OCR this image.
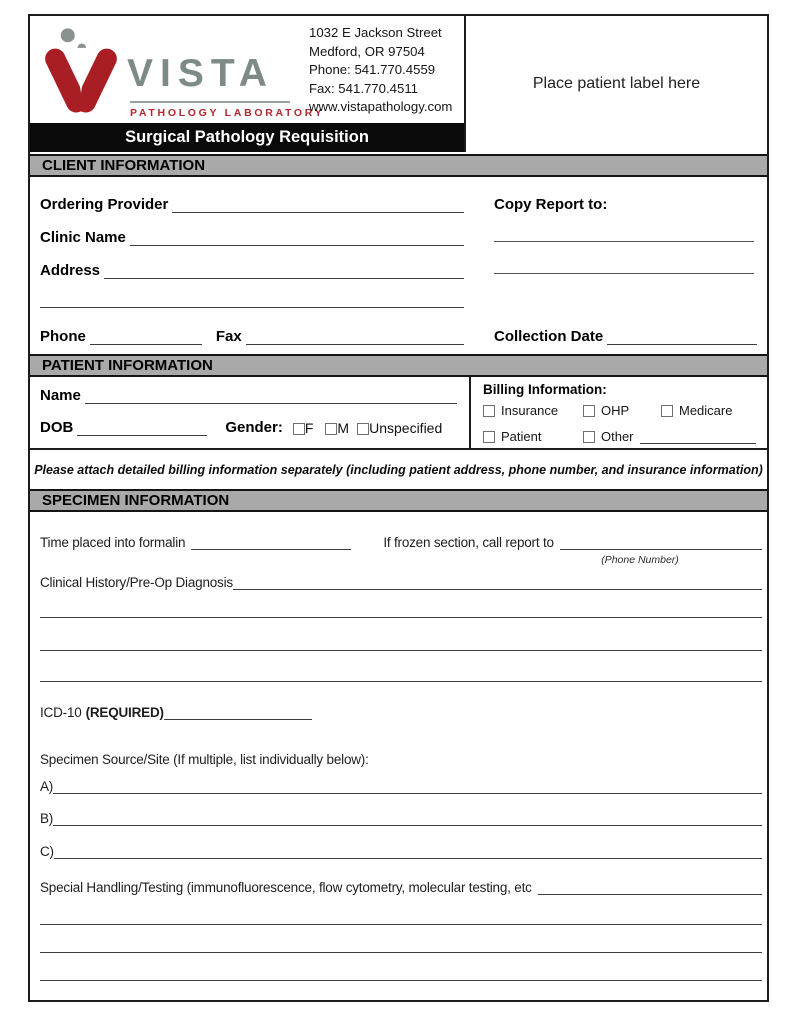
VISTA
PATHOLOGY LABORATORY
1032 E Jackson Street
Medford, OR 97504
Phone: 541.770.4559
Fax: 541.770.4511
www.vistapathology.com
Surgical Pathology Requisition
Place patient label here
CLIENT INFORMATION
Ordering Provider
Clinic Name
Address
Phone	Fax
Copy Report to:
Collection Date
PATIENT INFORMATION
Name
DOB	Gender: F M Unspecified
Billing Information:
Insurance	OHP	Medicare
Patient	Other
Please attach detailed billing information separately (including patient address, phone number, and insurance information)
SPECIMEN INFORMATION
Time placed into formalin	If frozen section, call report to
(Phone Number)
Clinical History/Pre-Op Diagnosis
ICD-10 (REQUIRED)
Specimen Source/Site (If multiple, list individually below):
A)
B)
C)
Special Handling/Testing (immunofluorescence, flow cytometry, molecular testing, etc
